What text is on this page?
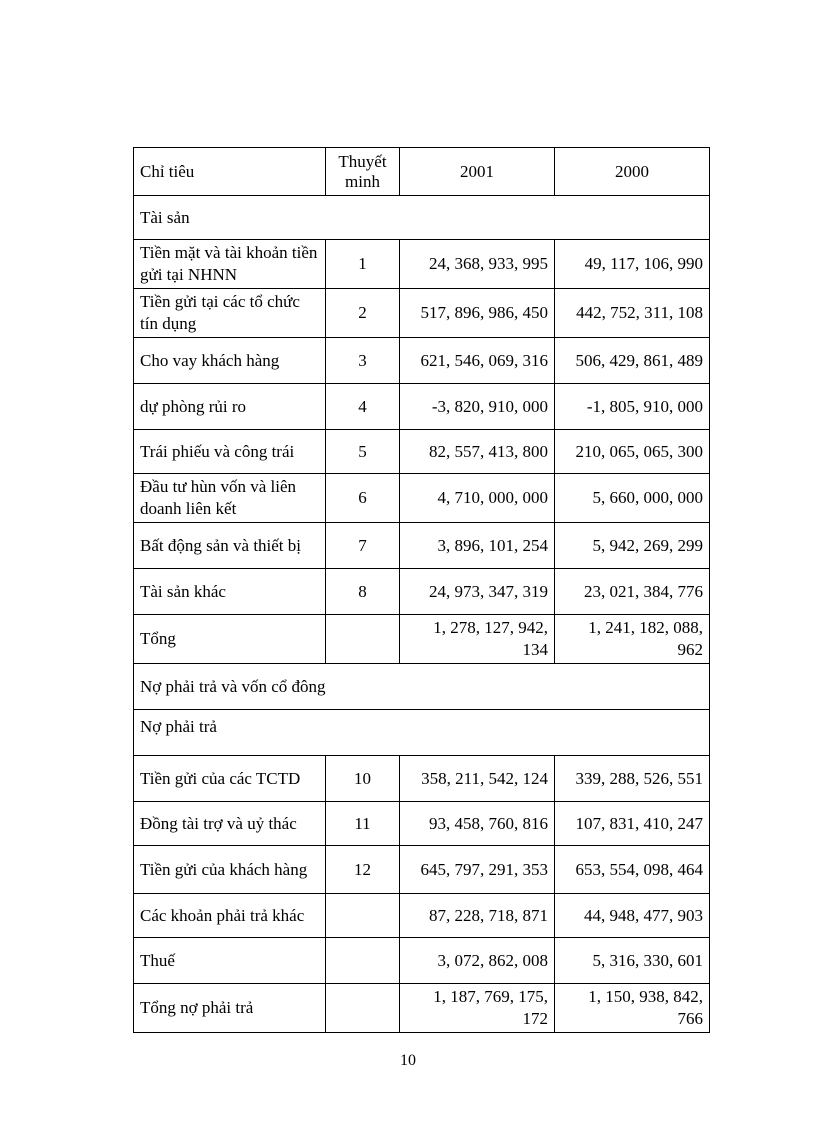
Chỉ tiêu	Thuyết minh	2001	2000
Tài sản			
Tiền mặt và tài khoản tiền gửi tại NHNN	1	24, 368, 933, 995	49, 117, 106, 990
Tiền gửi tại các tổ chức tín dụng	2	517, 896, 986, 450	442, 752, 311, 108
Cho vay khách hàng	3	621, 546, 069, 316	506, 429, 861, 489
dự phòng rủi ro	4	-3, 820, 910, 000	-1, 805, 910, 000
Trái phiếu và công trái	5	82, 557, 413, 800	210, 065, 065, 300
Đầu tư hùn vốn và liên doanh liên kết	6	4, 710, 000, 000	5, 660, 000, 000
Bất động sản và thiết bị	7	3, 896, 101, 254	5, 942, 269, 299
Tài sản khác	8	24, 973, 347, 319	23, 021, 384, 776
Tổng		1, 278, 127, 942, 134	1, 241, 182, 088, 962
Nợ phải trả và vốn cổ đông			
Nợ phải trả			
Tiền gửi của các TCTD	10	358, 211, 542, 124	339, 288, 526, 551
Đồng tài trợ và uỷ thác	11	93, 458, 760, 816	107, 831, 410, 247
Tiền gửi của khách hàng	12	645, 797, 291, 353	653, 554, 098, 464
Các khoản phải trả khác		87, 228, 718, 871	44, 948, 477, 903
Thuế		3, 072, 862, 008	5, 316, 330, 601
Tổng nợ phải trả		1, 187, 769, 175, 172	1, 150, 938, 842, 766
10
